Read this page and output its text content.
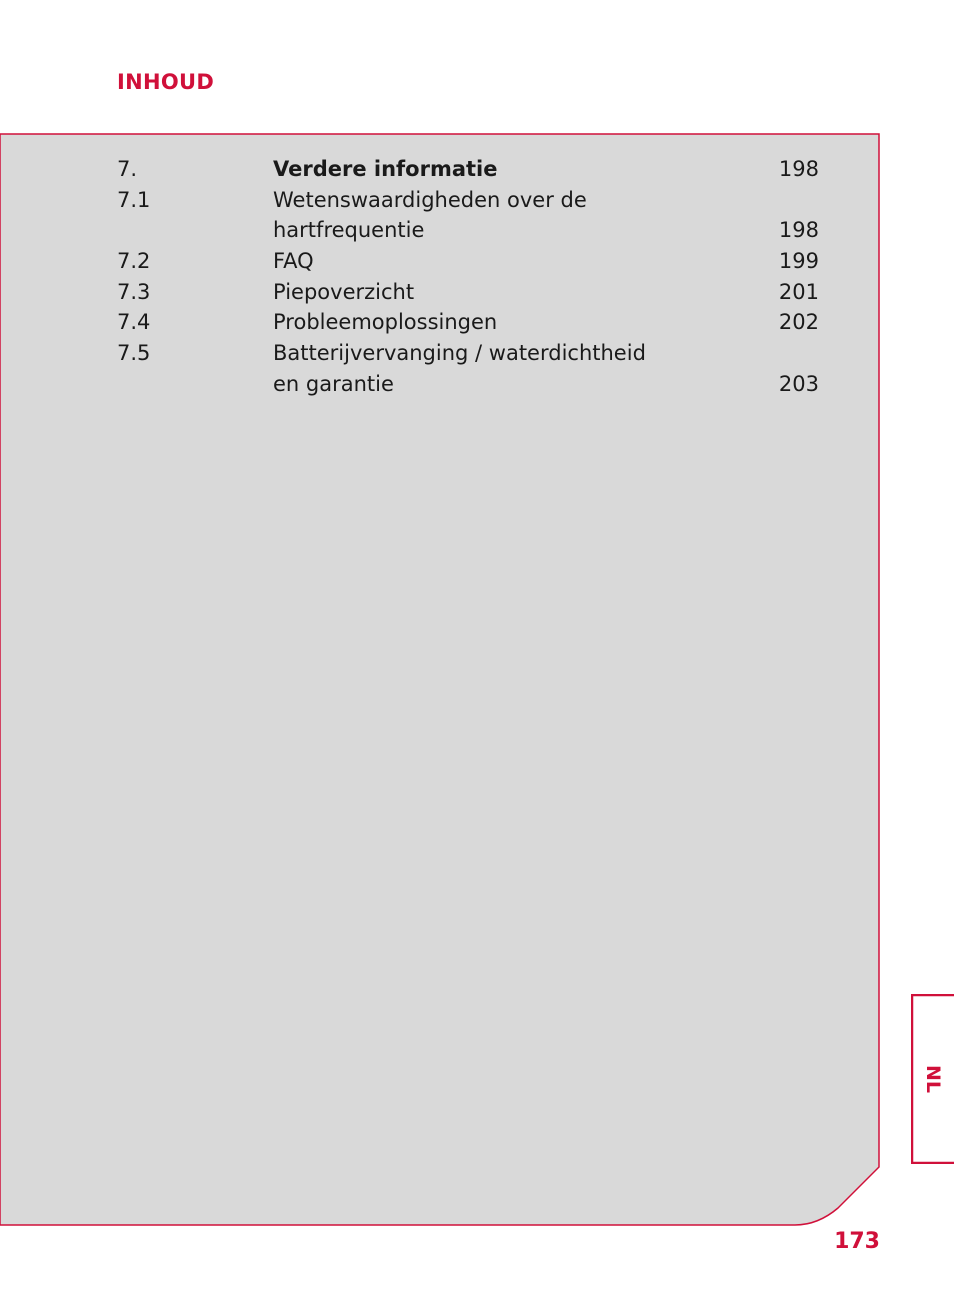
INHOUD
7.	Verdere informatie	198
7.1	Wetenswaardigheden over de
hartfrequentie	198
7.2	FAQ	199
7.3	Piepoverzicht	201
7.4	Probleemoplossingen	202
7.5	Batterijvervanging / waterdichtheid
en garantie	203
NL
173
